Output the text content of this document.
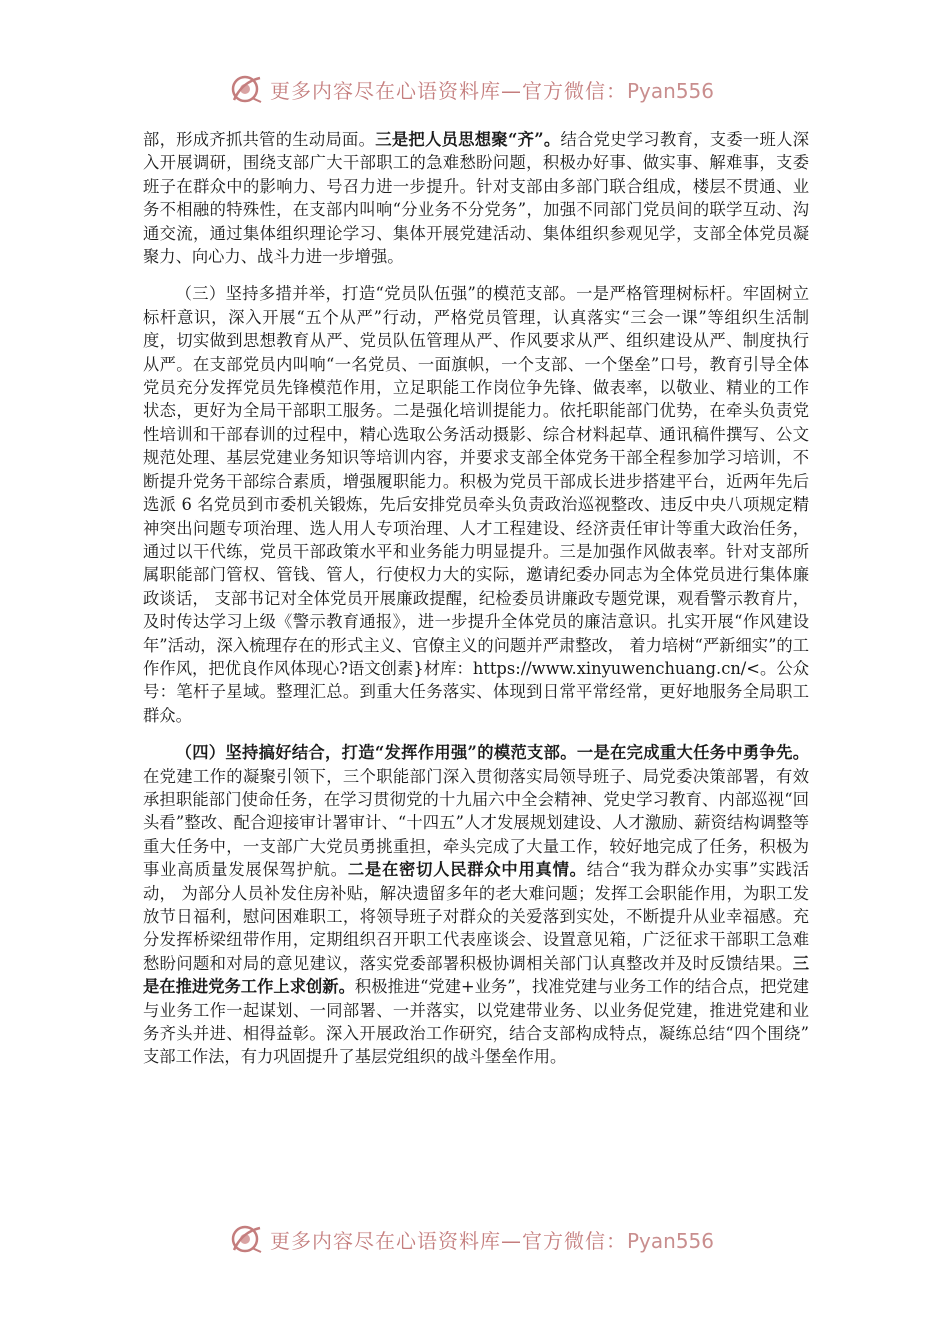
更多内容尽在心语资料库—官方微信：Pyan556

部，形成齐抓共管的生动局面。三是把人员思想聚“齐”。结合党史学习教育，支委一班人深入开展调研，围绕支部广大干部职工的急难愁盼问题，积极办好事、做实事、解难事，支委班子在群众中的影响力、号召力进一步提升。针对支部由多部门联合组成，楼层不贯通、业务不相融的特殊性，在支部内叫响“分业务不分党务”，加强不同部门党员间的联学互动、沟通交流，通过集体组织理论学习、集体开展党建活动、集体组织参观见学，支部全体党员凝聚力、向心力、战斗力进一步增强。

（三）坚持多措并举，打造“党员队伍强”的模范支部。一是严格管理树标杆。牢固树立标杆意识，深入开展“五个从严”行动，严格党员管理，认真落实“三会一课”等组织生活制度，切实做到思想教育从严、党员队伍管理从严、作风要求从严、组织建设从严、制度执行从严。在支部党员内叫响“一名党员、一面旗帜，一个支部、一个堡垒”口号，教育引导全体党员充分发挥党员先锋模范作用，立足职能工作岗位争先锋、做表率，以敬业、精业的工作状态，更好为全局干部职工服务。二是强化培训提能力。依托职能部门优势，在牵头负责党性培训和干部春训的过程中，精心选取公务活动摄影、综合材料起草、通讯稿件撰写、公文规范处理、基层党建业务知识等培训内容，并要求支部全体党务干部全程参加学习培训，不断提升党务干部综合素质，增强履职能力。积极为党员干部成长进步搭建平台，近两年先后选派 6 名党员到市委机关锻炼，先后安排党员牵头负责政治巡视整改、违反中央八项规定精神突出问题专项治理、选人用人专项治理、人才工程建设、经济责任审计等重大政治任务，通过以干代练，党员干部政策水平和业务能力明显提升。三是加强作风做表率。针对支部所属职能部门管权、管钱、管人，行使权力大的实际，邀请纪委办同志为全体党员进行集体廉政谈话， 支部书记对全体党员开展廉政提醒，纪检委员讲廉政专题党课，观看警示教育片， 及时传达学习上级《警示教育通报》，进一步提升全体党员的廉洁意识。扎实开展“作风建设年”活动，深入梳理存在的形式主义、官僚主义的问题并严肃整改， 着力培树“严新细实”的工作作风，把优良作风体现心?语文创素}材库：https://www.xinyuwenchuang.cn/<。公众号：笔杆子星域。整理汇总。到重大任务落实、体现到日常平常经常，更好地服务全局职工群众。

（四）坚持搞好结合，打造“发挥作用强”的模范支部。一是在完成重大任务中勇争先。在党建工作的凝聚引领下，三个职能部门深入贯彻落实局领导班子、局党委决策部署，有效承担职能部门使命任务，在学习贯彻党的十九届六中全会精神、党史学习教育、内部巡视“回头看”整改、配合迎接审计署审计、“十四五”人才发展规划建设、人才激励、薪资结构调整等重大任务中，一支部广大党员勇挑重担，牵头完成了大量工作，较好地完成了任务，积极为事业高质量发展保驾护航。二是在密切人民群众中用真情。结合“我为群众办实事”实践活动， 为部分人员补发住房补贴，解决遗留多年的老大难问题；发挥工会职能作用，为职工发放节日福利，慰问困难职工，将领导班子对群众的关爱落到实处，不断提升从业幸福感。充分发挥桥梁纽带作用，定期组织召开职工代表座谈会、设置意见箱，广泛征求干部职工急难愁盼问题和对局的意见建议，落实党委部署积极协调相关部门认真整改并及时反馈结果。三是在推进党务工作上求创新。积极推进“党建+业务”，找准党建与业务工作的结合点，把党建与业务工作一起谋划、一同部署、一并落实，以党建带业务、以业务促党建，推进党建和业务齐头并进、相得益彰。深入开展政治工作研究，结合支部构成特点，凝练总结“四个围绕” 支部工作法，有力巩固提升了基层党组织的战斗堡垒作用。

更多内容尽在心语资料库—官方微信：Pyan556
